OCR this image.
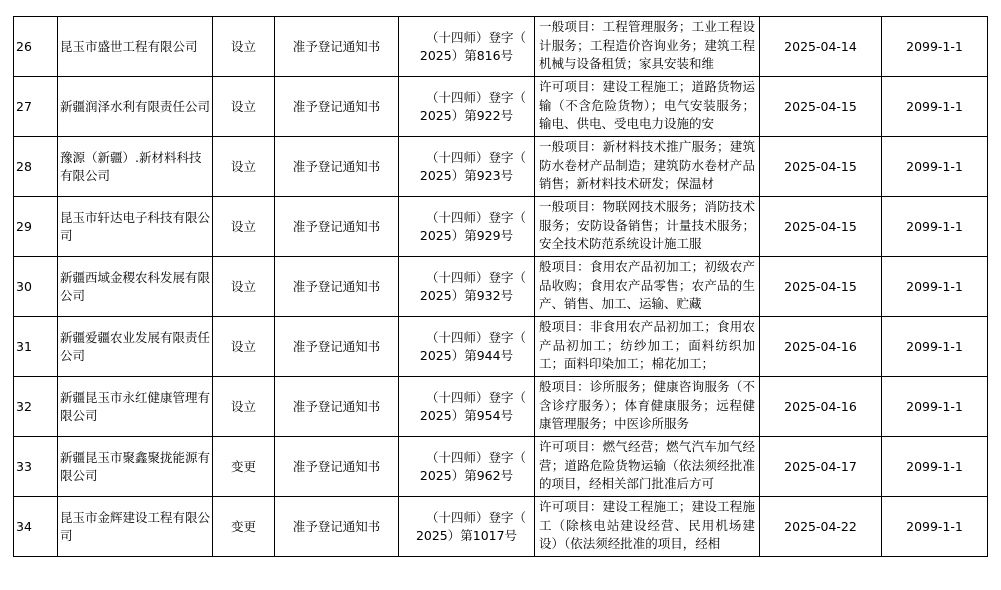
26	昆玉市盛世工程有限公司	设立	准予登记通知书	（十四师）登字（
2025）第816号	一般项目：工程管理服务；工业工程设计服务；工程造价咨询业务；建筑工程机械与设备租赁；家具安装和维	2025-04-14	2099-1-1
27	新疆润泽水利有限责任公司	设立	准予登记通知书	（十四师）登字（
2025）第922号	许可项目：建设工程施工；道路货物运输（不含危险货物）；电气安装服务；输电、供电、受电电力设施的安	2025-04-15	2099-1-1
28	豫源（新疆）.新材料科技有限公司	设立	准予登记通知书	（十四师）登字（
2025）第923号	一般项目：新材料技术推广服务；建筑防水卷材产品制造；建筑防水卷材产品销售；新材料技术研发；保温材	2025-04-15	2099-1-1
29	昆玉市轩达电子科技有限公司	设立	准予登记通知书	（十四师）登字（
2025）第929号	一般项目：物联网技术服务；消防技术服务；安防设备销售；计量技术服务；安全技术防范系统设计施工服	2025-04-15	2099-1-1
30	新疆西域金稷农科发展有限公司	设立	准予登记通知书	（十四师）登字（
2025）第932号	般项目：食用农产品初加工；初级农产品收购；食用农产品零售；农产品的生产、销售、加工、运输、贮藏	2025-04-15	2099-1-1
31	新疆爱疆农业发展有限责任公司	设立	准予登记通知书	（十四师）登字（
2025）第944号	般项目：非食用农产品初加工；食用农产品初加工；纺纱加工；面料纺织加工；面料印染加工；棉花加工；	2025-04-16	2099-1-1
32	新疆昆玉市永红健康管理有限公司	设立	准予登记通知书	（十四师）登字（
2025）第954号	般项目：诊所服务；健康咨询服务（不含诊疗服务）；体育健康服务；远程健康管理服务；中医诊所服务	2025-04-16	2099-1-1
33	新疆昆玉市聚鑫聚拢能源有限公司	变更	准予登记通知书	（十四师）登字（
2025）第962号	许可项目：燃气经营；燃气汽车加气经营；道路危险货物运输（依法须经批准的项目，经相关部门批准后方可	2025-04-17	2099-1-1
34	昆玉市金辉建设工程有限公司	变更	准予登记通知书	（十四师）登字（
2025）第1017号	许可项目：建设工程施工；建设工程施工（除核电站建设经营、民用机场建设）（依法须经批准的项目，经相	2025-04-22	2099-1-1
